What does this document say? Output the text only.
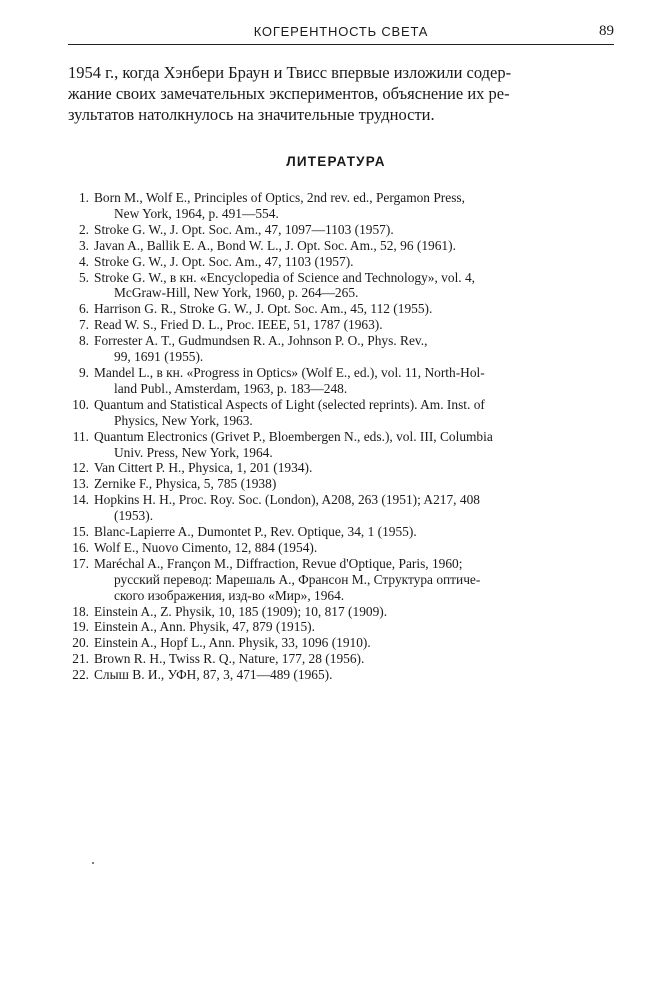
КОГЕРЕНТНОСТЬ СВЕТА	89
1954 г., когда Хэнбери Браун и Твисс впервые изложили содер-
жание своих замечательных экспериментов, объяснение их ре-
зультатов натолкнулось на значительные трудности.
ЛИТЕРАТУРА
1. Born M., Wolf E., Principles of Optics, 2nd rev. ed., Pergamon Press,
New York, 1964, p. 491—554.
2. Stroke G. W., J. Opt. Soc. Am., 47, 1097—1103 (1957).
3. Javan A., Ballik E. A., Bond W. L., J. Opt. Soc. Am., 52, 96 (1961).
4. Stroke G. W., J. Opt. Soc. Am., 47, 1103 (1957).
5. Stroke G. W., в кн. «Encyclopedia of Science and Technology», vol. 4,
McGraw-Hill, New York, 1960, p. 264—265.
6. Harrison G. R., Stroke G. W., J. Opt. Soc. Am., 45, 112 (1955).
7. Read W. S., Fried D. L., Proc. IEEE, 51, 1787 (1963).
8. Forrester A. T., Gudmundsen R. A., Johnson P. O., Phys. Rev.,
99, 1691 (1955).
9. Mandel L., в кн. «Progress in Optics» (Wolf E., ed.), vol. 11, North-Hol-
land Publ., Amsterdam, 1963, p. 183—248.
10. Quantum and Statistical Aspects of Light (selected reprints). Am. Inst. of
Physics, New York, 1963.
11. Quantum Electronics (Grivet P., Bloembergen N., eds.), vol. III, Columbia
Univ. Press, New York, 1964.
12. Van Cittert P. H., Physica, 1, 201 (1934).
13. Zernike F., Physica, 5, 785 (1938)
14. Hopkins H. H., Proc. Roy. Soc. (London), A208, 263 (1951); A217, 408
(1953).
15. Blanc-Lapierre A., Dumontet P., Rev. Optique, 34, 1 (1955).
16. Wolf E., Nuovo Cimento, 12, 884 (1954).
17. Maréchal A., Françon M., Diffraction, Revue d'Optique, Paris, 1960;
русский перевод: Марешаль А., Франсон М., Структура оптиче-
ского изображения, изд-во «Мир», 1964.
18. Einstein A., Z. Physik, 10, 185 (1909); 10, 817 (1909).
19. Einstein A., Ann. Physik, 47, 879 (1915).
20. Einstein A., Hopf L., Ann. Physik, 33, 1096 (1910).
21. Brown R. H., Twiss R. Q., Nature, 177, 28 (1956).
22. Слыш В. И., УФН, 87, 3, 471—489 (1965).
